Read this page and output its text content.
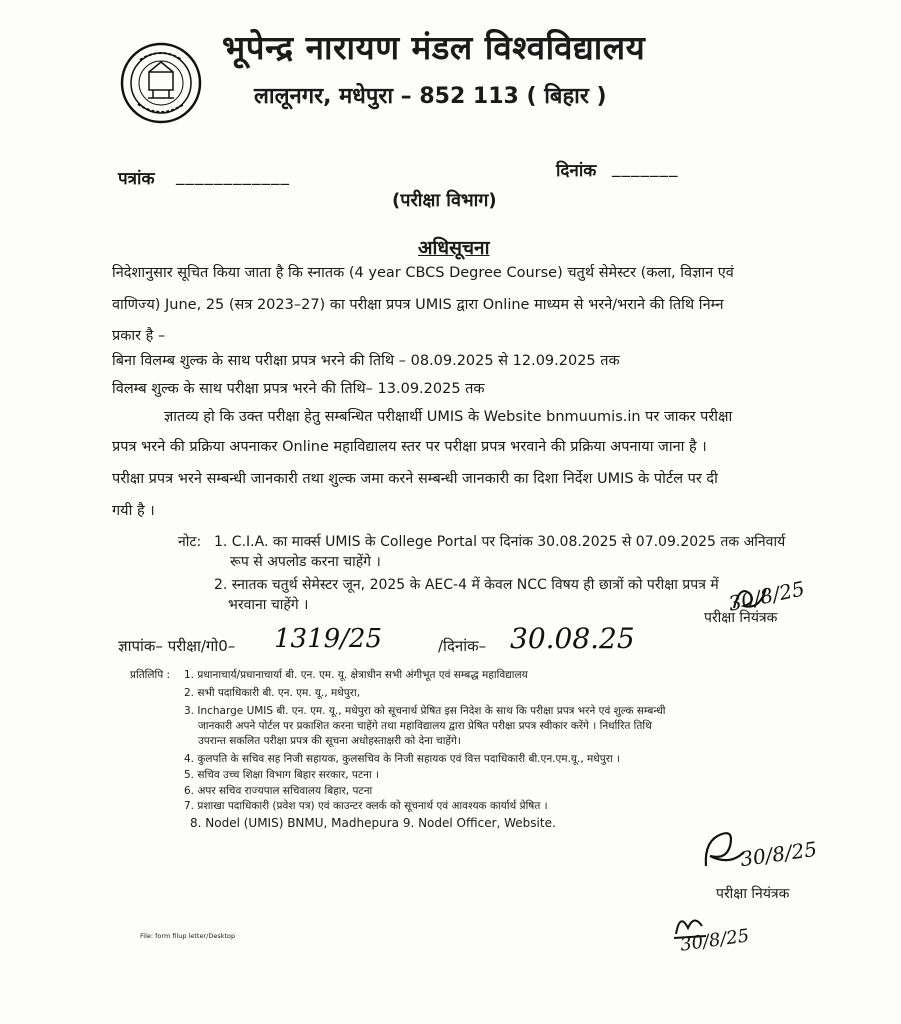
भूपेन्द्र नारायण मंडल विश्वविद्यालय
लालूनगर, मधेपुरा – 852 113 ( बिहार )
पत्रांक ____________	दिनांक _______
(परीक्षा विभाग)
अधिसूचना
निदेशानुसार सूचित किया जाता है कि स्नातक (4 year CBCS Degree Course) चतुर्थ सेमेस्टर (कला, विज्ञान एवं
वाणिज्य) June, 25 (सत्र 2023–27) का परीक्षा प्रपत्र UMIS द्वारा Online माध्यम से भरने/भराने की तिथि निम्न
प्रकार है –
बिना विलम्ब शुल्क के साथ परीक्षा प्रपत्र भरने की तिथि – 08.09.2025 से 12.09.2025 तक
विलम्ब शुल्क के साथ परीक्षा प्रपत्र भरने की तिथि– 13.09.2025 तक
ज्ञातव्य हो कि उक्त परीक्षा हेतु सम्बन्धित परीक्षार्थी UMIS के Website bnmuumis.in पर जाकर परीक्षा
प्रपत्र भरने की प्रक्रिया अपनाकर Online महाविद्यालय स्तर पर परीक्षा प्रपत्र भरवाने की प्रक्रिया अपनाया जाना है ।
परीक्षा प्रपत्र भरने सम्बन्धी जानकारी तथा शुल्क जमा करने सम्बन्धी जानकारी का दिशा निर्देश UMIS के पोर्टल पर दी
गयी है ।
नोट: 1. C.I.A. का मार्क्स UMIS के College Portal पर दिनांक 30.08.2025 से 07.09.2025 तक अनिवार्य
रूप से अपलोड करना चाहेंगे ।
2. स्नातक चतुर्थ सेमेस्टर जून, 2025 के AEC-4 में केवल NCC विषय ही छात्रों को परीक्षा प्रपत्र में
भरवाना चाहेंगे ।	30/8/25
परीक्षा नियंत्रक
ज्ञापांक– परीक्षा/गो0– 1319/25	/दिनांक– 30.08.25
प्रतिलिपि : 1. प्रधानाचार्य/प्रधानाचार्या बी. एन. एम. यू. क्षेत्राधीन सभी अंगीभूत एवं सम्बद्ध महाविद्यालय
2. सभी पदाधिकारी बी. एन. एम. यू., मधेपुरा,
3. Incharge UMIS बी. एन. एम. यू., मधेपुरा को सूचनार्थ प्रेषित इस निदेश के साथ कि परीक्षा प्रपत्र भरने एवं शुल्क सम्बन्धी
जानकारी अपने पोर्टल पर प्रकाशित करना चाहेंगे तथा महाविद्यालय द्वारा प्रेषित परीक्षा प्रपत्र स्वीकार करेंगे । निर्धारित तिथि
उपरान्त सकलित परीक्षा प्रपत्र की सूचना अधोहस्ताक्षरी को देना चाहेंगे।
4. कुलपति के सचिव सह निजी सहायक, कुलसचिव के निजी सहायक एवं वित्त पदाधिकारी बी.एन.एम.यू., मधेपुरा ।
5. सचिव उच्च शिक्षा विभाग बिहार सरकार, पटना ।
6. अपर सचिव राज्यपाल सचिवालय बिहार, पटना
7. प्रशाखा पदाधिकारी (प्रवेश पत्र) एवं काउन्टर क्लर्क को सूचनार्थ एवं आवश्यक कार्यार्थ प्रेषित ।
8. Nodel (UMIS) BNMU, Madhepura 9. Nodel Officer, Website.
30/8/25
परीक्षा नियंत्रक
30/8/25
File: form filup letter/Desktop
